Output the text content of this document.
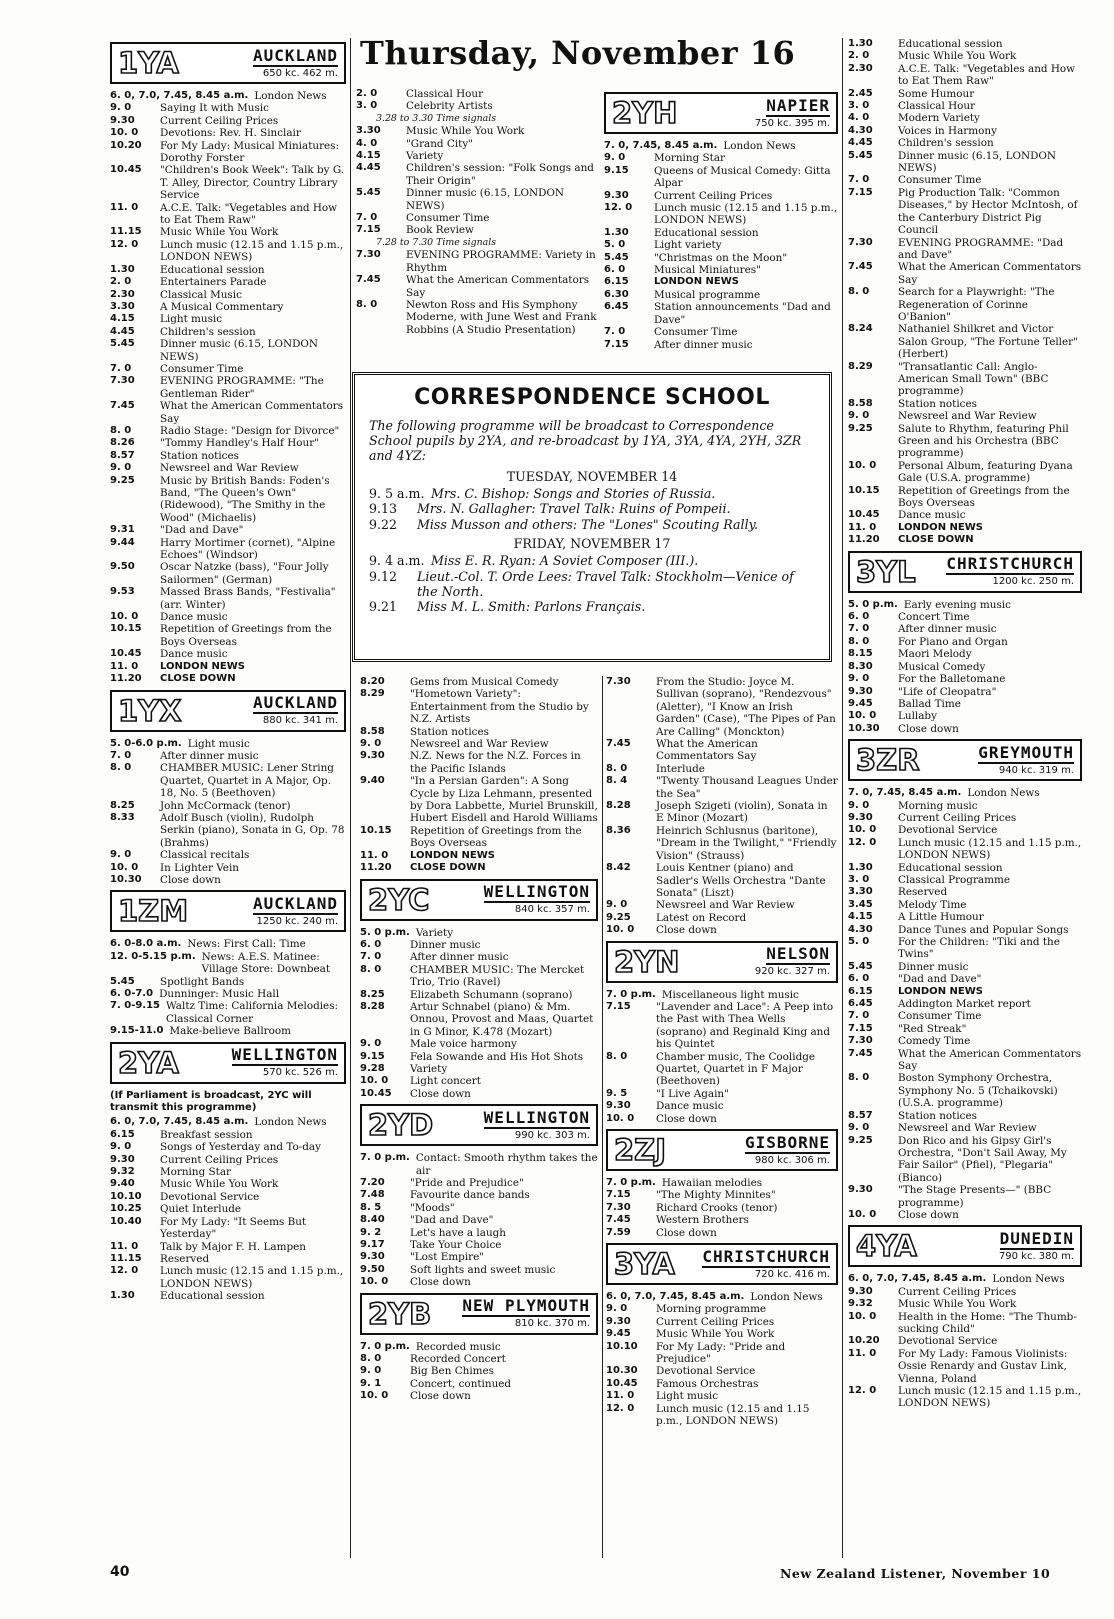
Thursday, November 16
1YA	AUCKLAND
650 kc. 462 m.
6. 0, 7.0, 7.45, 8.45 a.m. London News
9. 0	Saying It with Music
9.30	Current Ceiling Prices
10. 0	Devotions: Rev. H. Sinclair
10.20	For My Lady: Musical Miniatures: Dorothy Forster
10.45	"Children's Book Week": Talk by G. T. Alley, Director, Country Library Service
11. 0	A.C.E. Talk: "Vegetables and How to Eat Them Raw"
11.15	Music While You Work
12. 0	Lunch music (12.15 and 1.15 p.m., LONDON NEWS)
1.30	Educational session
2. 0	Entertainers Parade
2.30	Classical Music
3.30	A Musical Commentary
4.15	Light music
4.45	Children's session
5.45	Dinner music (6.15, LONDON NEWS)
7. 0	Consumer Time
7.30	EVENING PROGRAMME: "The Gentleman Rider"
7.45	What the American Commentators Say
8. 0	Radio Stage: "Design for Divorce"
8.26	"Tommy Handley's Half Hour"
8.57	Station notices
9. 0	Newsreel and War Review
9.25	Music by British Bands: Foden's Band, "The Queen's Own" (Ridewood), "The Smithy in the Wood" (Michaelis)
9.31	"Dad and Dave"
9.44	Harry Mortimer (cornet), "Alpine Echoes" (Windsor)
9.50	Oscar Natzke (bass), "Four Jolly Sailormen" (German)
9.53	Massed Brass Bands, "Festivalia" (arr. Winter)
10. 0	Dance music
10.15	Repetition of Greetings from the Boys Overseas
10.45	Dance music
11. 0	LONDON NEWS
11.20	CLOSE DOWN
1YX	AUCKLAND
880 kc. 341 m.
5. 0-6.0 p.m. Light music
7. 0	After dinner music
8. 0	CHAMBER MUSIC: Lener String Quartet, Quartet in A Major, Op. 18, No. 5 (Beethoven)
8.25	John McCormack (tenor)
8.33	Adolf Busch (violin), Rudolph Serkin (piano), Sonata in G, Op. 78 (Brahms)
9. 0	Classical recitals
10. 0	In Lighter Vein
10.30	Close down
1ZM	AUCKLAND
1250 kc. 240 m.
6. 0-8.0 a.m. News: First Call: Time
12. 0-5.15 p.m. News: A.E.S. Matinee: Village Store: Downbeat
5.45	Spotlight Bands
6. 0-7.0 Dunninger: Music Hall
7. 0-9.15 Waltz Time: California Melodies: Classical Corner
9.15-11.0 Make-believe Ballroom
2YA	WELLINGTON
570 kc. 526 m.
(If Parliament is broadcast, 2YC will transmit this programme)
6. 0, 7.0, 7.45, 8.45 a.m. London News
6.15	Breakfast session
9. 0	Songs of Yesterday and To-day
9.30	Current Ceiling Prices
9.32	Morning Star
9.40	Music While You Work
10.10	Devotional Service
10.25	Quiet Interlude
10.40	For My Lady: "It Seems But Yesterday"
11. 0	Talk by Major F. H. Lampen
11.15	Reserved
12. 0	Lunch music (12.15 and 1.15 p.m., LONDON NEWS)
1.30	Educational session
2. 0	Classical Hour
3. 0	Celebrity Artists
3.28 to 3.30 Time signals
3.30	Music While You Work
4. 0	"Grand City"
4.15	Variety
4.45	Children's session: "Folk Songs and Their Origin"
5.45	Dinner music (6.15, LONDON NEWS)
7. 0	Consumer Time
7.15	Book Review
7.28 to 7.30 Time signals
7.30	EVENING PROGRAMME: Variety in Rhythm
7.45	What the American Commentators Say
8. 0	Newton Ross and His Symphony Moderne, with June West and Frank Robbins (A Studio Presentation)
2YH	NAPIER
750 kc. 395 m.
7. 0, 7.45, 8.45 a.m. London News
9. 0	Morning Star
9.15	Queens of Musical Comedy: Gitta Alpar
9.30	Current Ceiling Prices
12. 0	Lunch music (12.15 and 1.15 p.m., LONDON NEWS)
1.30	Educational session
5. 0	Light variety
5.45	"Christmas on the Moon"
6. 0	Musical Miniatures"
6.15	LONDON NEWS
6.30	Musical programme
6.45	Station announcements "Dad and Dave"
7. 0	Consumer Time
7.15	After dinner music
CORRESPONDENCE SCHOOL
The following programme will be broadcast to Correspondence School pupils by 2YA, and re-broadcast by 1YA, 3YA, 4YA, 2YH, 3ZR and 4YZ:
TUESDAY, NOVEMBER 14
9. 5 a.m. Mrs. C. Bishop: Songs and Stories of Russia.
9.13	Mrs. N. Gallagher: Travel Talk: Ruins of Pompeii.
9.22	Miss Musson and others: The "Lones" Scouting Rally.
FRIDAY, NOVEMBER 17
9. 4 a.m. Miss E. R. Ryan: A Soviet Composer (III.).
9.12	Lieut.-Col. T. Orde Lees: Travel Talk: Stockholm—Venice of the North.
9.21	Miss M. L. Smith: Parlons Français.
8.20	Gems from Musical Comedy
8.29	"Hometown Variety": Entertainment from the Studio by N.Z. Artists
8.58	Station notices
9. 0	Newsreel and War Review
9.30	N.Z. News for the N.Z. Forces in the Pacific Islands
9.40	"In a Persian Garden": A Song Cycle by Liza Lehmann, presented by Dora Labbette, Muriel Brunskill, Hubert Eisdell and Harold Williams
10.15	Repetition of Greetings from the Boys Overseas
11. 0	LONDON NEWS
11.20	CLOSE DOWN
2YC	WELLINGTON
840 kc. 357 m.
5. 0 p.m. Variety
6. 0	Dinner music
7. 0	After dinner music
8. 0	CHAMBER MUSIC: The Mercket Trio, Trio (Ravel)
8.25	Elizabeth Schumann (soprano)
8.28	Artur Schnabel (piano) & Mm. Onnou, Provost and Maas, Quartet in G Minor, K.478 (Mozart)
9. 0	Male voice harmony
9.15	Fela Sowande and His Hot Shots
9.28	Variety
10. 0	Light concert
10.45	Close down
2YD	WELLINGTON
990 kc. 303 m.
7. 0 p.m. Contact: Smooth rhythm takes the air
7.20	"Pride and Prejudice"
7.48	Favourite dance bands
8. 5	"Moods"
8.40	"Dad and Dave"
9. 2	Let's have a laugh
9.17	Take Your Choice
9.30	"Lost Empire"
9.50	Soft lights and sweet music
10. 0	Close down
2YB	NEW PLYMOUTH
810 kc. 370 m.
7. 0 p.m. Recorded music
8. 0	Recorded Concert
9. 0	Big Ben Chimes
9. 1	Concert, continued
10. 0	Close down
7.30	From the Studio: Joyce M. Sullivan (soprano), "Rendezvous" (Aletter), "I Know an Irish Garden" (Case), "The Pipes of Pan Are Calling" (Monckton)
7.45	What the American Commentators Say
8. 0	Interlude
8. 4	"Twenty Thousand Leagues Under the Sea"
8.28	Joseph Szigeti (violin), Sonata in E Minor (Mozart)
8.36	Heinrich Schlusnus (baritone), "Dream in the Twilight," "Friendly Vision" (Strauss)
8.42	Louis Kentner (piano) and Sadler's Wells Orchestra "Dante Sonata" (Liszt)
9. 0	Newsreel and War Review
9.25	Latest on Record
10. 0	Close down
2YN	NELSON
920 kc. 327 m.
7. 0 p.m. Miscellaneous light music
7.15	"Lavender and Lace": A Peep into the Past with Thea Wells (soprano) and Reginald King and his Quintet
8. 0	Chamber music, The Coolidge Quartet, Quartet in F Major (Beethoven)
9. 5	"I Live Again"
9.30	Dance music
10. 0	Close down
2ZJ	GISBORNE
980 kc. 306 m.
7. 0 p.m. Hawaiian melodies
7.15	"The Mighty Minnites"
7.30	Richard Crooks (tenor)
7.45	Western Brothers
7.59	Close down
3YA	CHRISTCHURCH
720 kc. 416 m.
6. 0, 7.0, 7.45, 8.45 a.m. London News
9. 0	Morning programme
9.30	Current Ceiling Prices
9.45	Music While You Work
10.10	For My Lady: "Pride and Prejudice"
10.30	Devotional Service
10.45	Famous Orchestras
11. 0	Light music
12. 0	Lunch music (12.15 and 1.15 p.m., LONDON NEWS)
1.30	Educational session
2. 0	Music While You Work
2.30	A.C.E. Talk: "Vegetables and How to Eat Them Raw"
2.45	Some Humour
3. 0	Classical Hour
4. 0	Modern Variety
4.30	Voices in Harmony
4.45	Children's session
5.45	Dinner music (6.15, LONDON NEWS)
7. 0	Consumer Time
7.15	Pig Production Talk: "Common Diseases," by Hector McIntosh, of the Canterbury District Pig Council
7.30	EVENING PROGRAMME: "Dad and Dave"
7.45	What the American Commentators Say
8. 0	Search for a Playwright: "The Regeneration of Corinne O'Banion"
8.24	Nathaniel Shilkret and Victor Salon Group, "The Fortune Teller" (Herbert)
8.29	"Transatlantic Call: Anglo-American Small Town" (BBC programme)
8.58	Station notices
9. 0	Newsreel and War Review
9.25	Salute to Rhythm, featuring Phil Green and his Orchestra (BBC programme)
10. 0	Personal Album, featuring Dyana Gale (U.S.A. programme)
10.15	Repetition of Greetings from the Boys Overseas
10.45	Dance music
11. 0	LONDON NEWS
11.20	CLOSE DOWN
3YL	CHRISTCHURCH
1200 kc. 250 m.
5. 0 p.m. Early evening music
6. 0	Concert Time
7. 0	After dinner music
8. 0	For Piano and Organ
8.15	Maori Melody
8.30	Musical Comedy
9. 0	For the Balletomane
9.30	"Life of Cleopatra"
9.45	Ballad Time
10. 0	Lullaby
10.30	Close down
3ZR	GREYMOUTH
940 kc. 319 m.
7. 0, 7.45, 8.45 a.m. London News
9. 0	Morning music
9.30	Current Ceiling Prices
10. 0	Devotional Service
12. 0	Lunch music (12.15 and 1.15 p.m., LONDON NEWS)
1.30	Educational session
3. 0	Classical Programme
3.30	Reserved
3.45	Melody Time
4.15	A Little Humour
4.30	Dance Tunes and Popular Songs
5. 0	For the Children: "Tiki and the Twins"
5.45	Dinner music
6. 0	"Dad and Dave"
6.15	LONDON NEWS
6.45	Addington Market report
7. 0	Consumer Time
7.15	"Red Streak"
7.30	Comedy Time
7.45	What the American Commentators Say
8. 0	Boston Symphony Orchestra, Symphony No. 5 (Tchaikovski) (U.S.A. programme)
8.57	Station notices
9. 0	Newsreel and War Review
9.25	Don Rico and his Gipsy Girl's Orchestra, "Don't Sail Away, My Fair Sailor" (Pfiel), "Plegaria" (Bianco)
9.30	"The Stage Presents—" (BBC programme)
10. 0	Close down
4YA	DUNEDIN
790 kc. 380 m.
6. 0, 7.0, 7.45, 8.45 a.m. London News
9.30	Current Ceiling Prices
9.32	Music While You Work
10. 0	Health in the Home: "The Thumb-sucking Child"
10.20	Devotional Service
11. 0	For My Lady: Famous Violinists: Ossie Renardy and Gustav Link, Vienna, Poland
12. 0	Lunch music (12.15 and 1.15 p.m., LONDON NEWS)
40	New Zealand Listener, November 10
